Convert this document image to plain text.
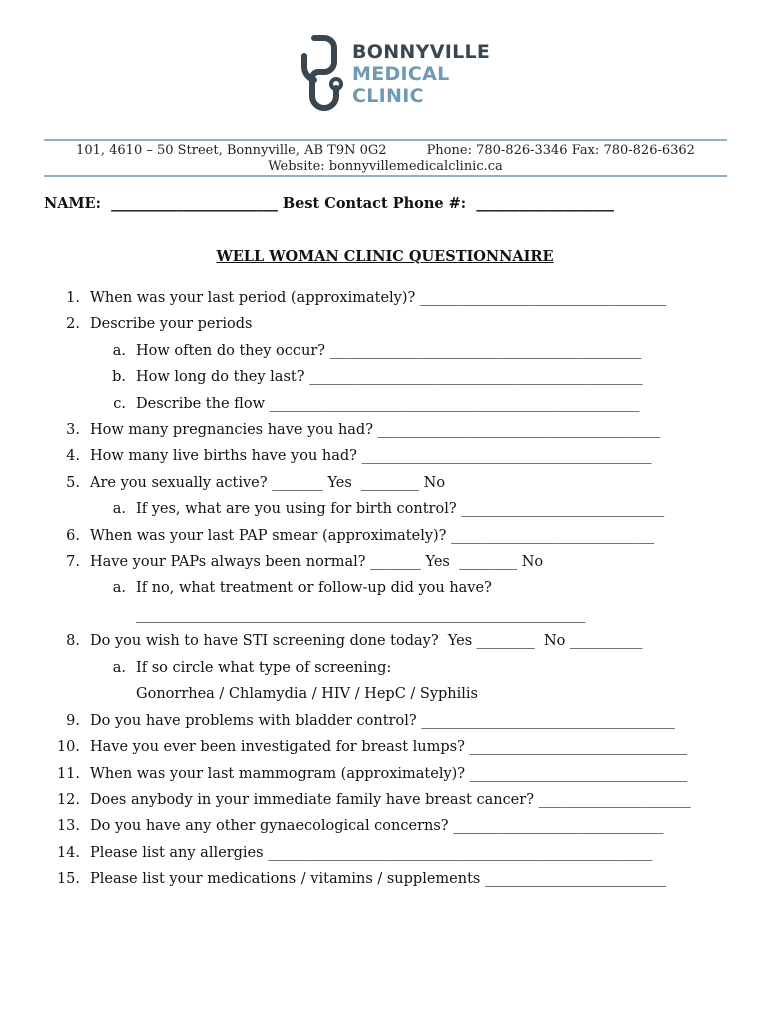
BONNYVILLE
MEDICAL
CLINIC
101, 4610 – 50 Street, Bonnyville, AB T9N 0G2	Phone: 780-826-3346 Fax: 780-826-6362
Website: bonnyvillemedicalclinic.ca
NAME: _______________________ Best Contact Phone #: ___________________
WELL WOMAN CLINIC QUESTIONNAIRE
1. When was your last period (approximately)? __________________________________
2. Describe your periods
a. How often do they occur? ___________________________________________
b. How long do they last? ______________________________________________
c. Describe the flow ___________________________________________________
3. How many pregnancies have you had? _______________________________________
4. How many live births have you had? ________________________________________
5. Are you sexually active? _______ Yes  ________ No
a. If yes, what are you using for birth control? ____________________________
6. When was your last PAP smear (approximately)? ____________________________
7. Have your PAPs always been normal? _______ Yes  ________ No
a. If no, what treatment or follow-up did you have?
______________________________________________________________
8. Do you wish to have STI screening done today?  Yes ________  No __________
a. If so circle what type of screening:
Gonorrhea / Chlamydia / HIV / HepC / Syphilis
9. Do you have problems with bladder control? ___________________________________
10. Have you ever been investigated for breast lumps? ______________________________
11. When was your last mammogram (approximately)? ______________________________
12. Does anybody in your immediate family have breast cancer? _____________________
13. Do you have any other gynaecological concerns? _____________________________
14. Please list any allergies _____________________________________________________
15. Please list your medications / vitamins / supplements _________________________
